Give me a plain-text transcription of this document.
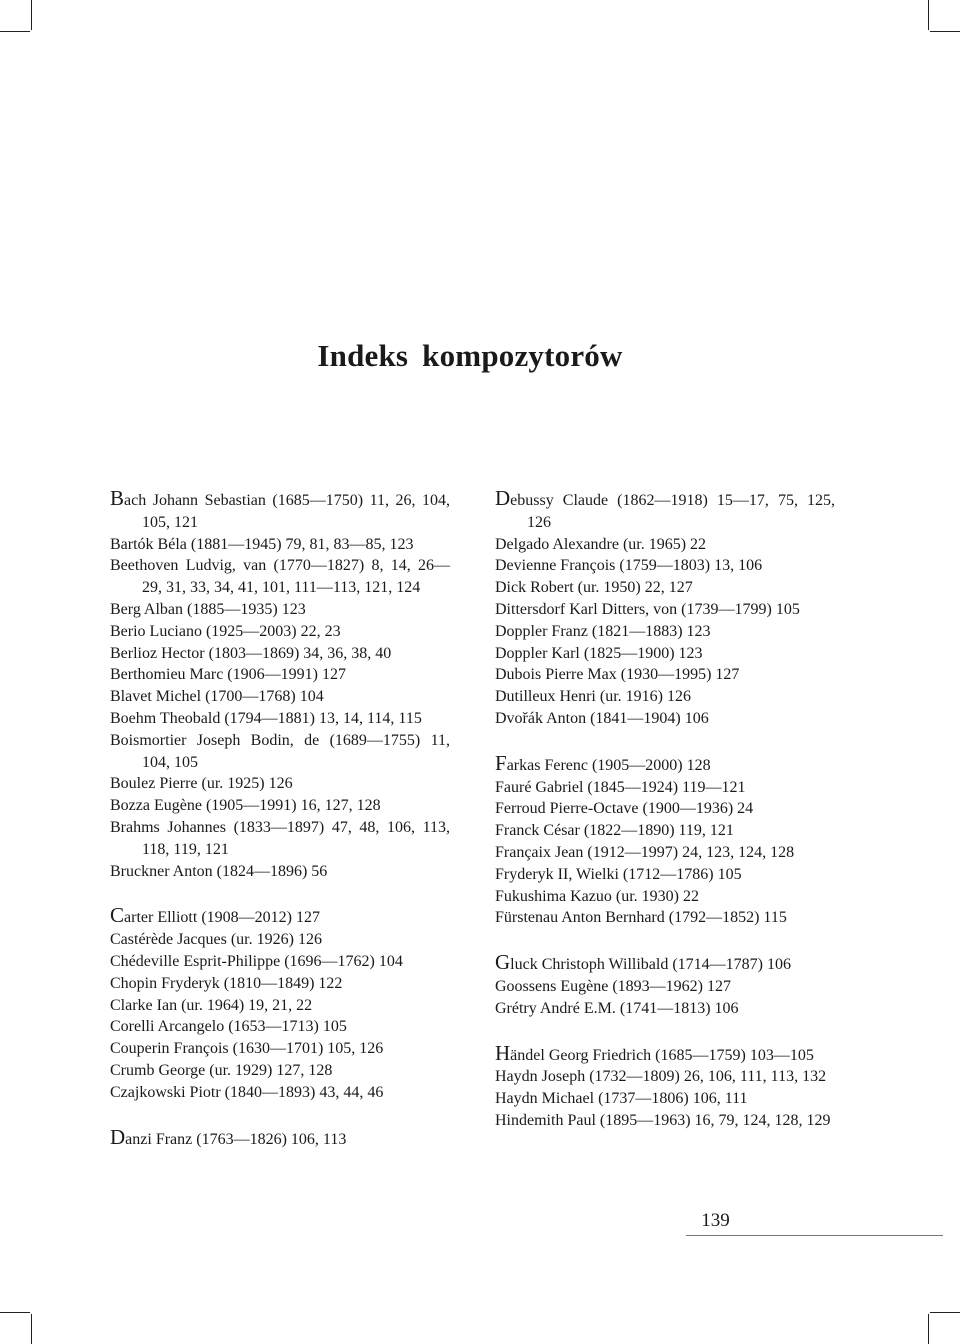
Indeks kompozytorów
Bach Johann Sebastian (1685—1750) 11, 26, 104, 105, 121
Bartók Béla (1881—1945) 79, 81, 83—85, 123
Beethoven Ludvig, van (1770—1827) 8, 14, 26—29, 31, 33, 34, 41, 101, 111—113, 121, 124
Berg Alban (1885—1935) 123
Berio Luciano (1925—2003) 22, 23
Berlioz Hector (1803—1869) 34, 36, 38, 40
Berthomieu Marc (1906—1991) 127
Blavet Michel (1700—1768) 104
Boehm Theobald (1794—1881) 13, 14, 114, 115
Boismortier Joseph Bodin, de (1689—1755) 11, 104, 105
Boulez Pierre (ur. 1925) 126
Bozza Eugène (1905—1991) 16, 127, 128
Brahms Johannes (1833—1897) 47, 48, 106, 113, 118, 119, 121
Bruckner Anton (1824—1896) 56
Carter Elliott (1908—2012) 127
Castérède Jacques (ur. 1926) 126
Chédeville Esprit-Philippe (1696—1762) 104
Chopin Fryderyk (1810—1849) 122
Clarke Ian (ur. 1964) 19, 21, 22
Corelli Arcangelo (1653—1713) 105
Couperin François (1630—1701) 105, 126
Crumb George (ur. 1929) 127, 128
Czajkowski Piotr (1840—1893) 43, 44, 46
Danzi Franz (1763—1826) 106, 113
Debussy Claude (1862—1918) 15—17, 75, 125, 126
Delgado Alexandre (ur. 1965) 22
Devienne François (1759—1803) 13, 106
Dick Robert (ur. 1950) 22, 127
Dittersdorf Karl Ditters, von (1739—1799) 105
Doppler Franz (1821—1883) 123
Doppler Karl (1825—1900) 123
Dubois Pierre Max (1930—1995) 127
Dutilleux Henri (ur. 1916) 126
Dvořák Anton (1841—1904) 106
Farkas Ferenc (1905—2000) 128
Fauré Gabriel (1845—1924) 119—121
Ferroud Pierre-Octave (1900—1936) 24
Franck César (1822—1890) 119, 121
Françaix Jean (1912—1997) 24, 123, 124, 128
Fryderyk II, Wielki (1712—1786) 105
Fukushima Kazuo (ur. 1930) 22
Fürstenau Anton Bernhard (1792—1852) 115
Gluck Christoph Willibald (1714—1787) 106
Goossens Eugène (1893—1962) 127
Grétry André E.M. (1741—1813) 106
Händel Georg Friedrich (1685—1759) 103—105
Haydn Joseph (1732—1809) 26, 106, 111, 113, 132
Haydn Michael (1737—1806) 106, 111
Hindemith Paul (1895—1963) 16, 79, 124, 128, 129
139
